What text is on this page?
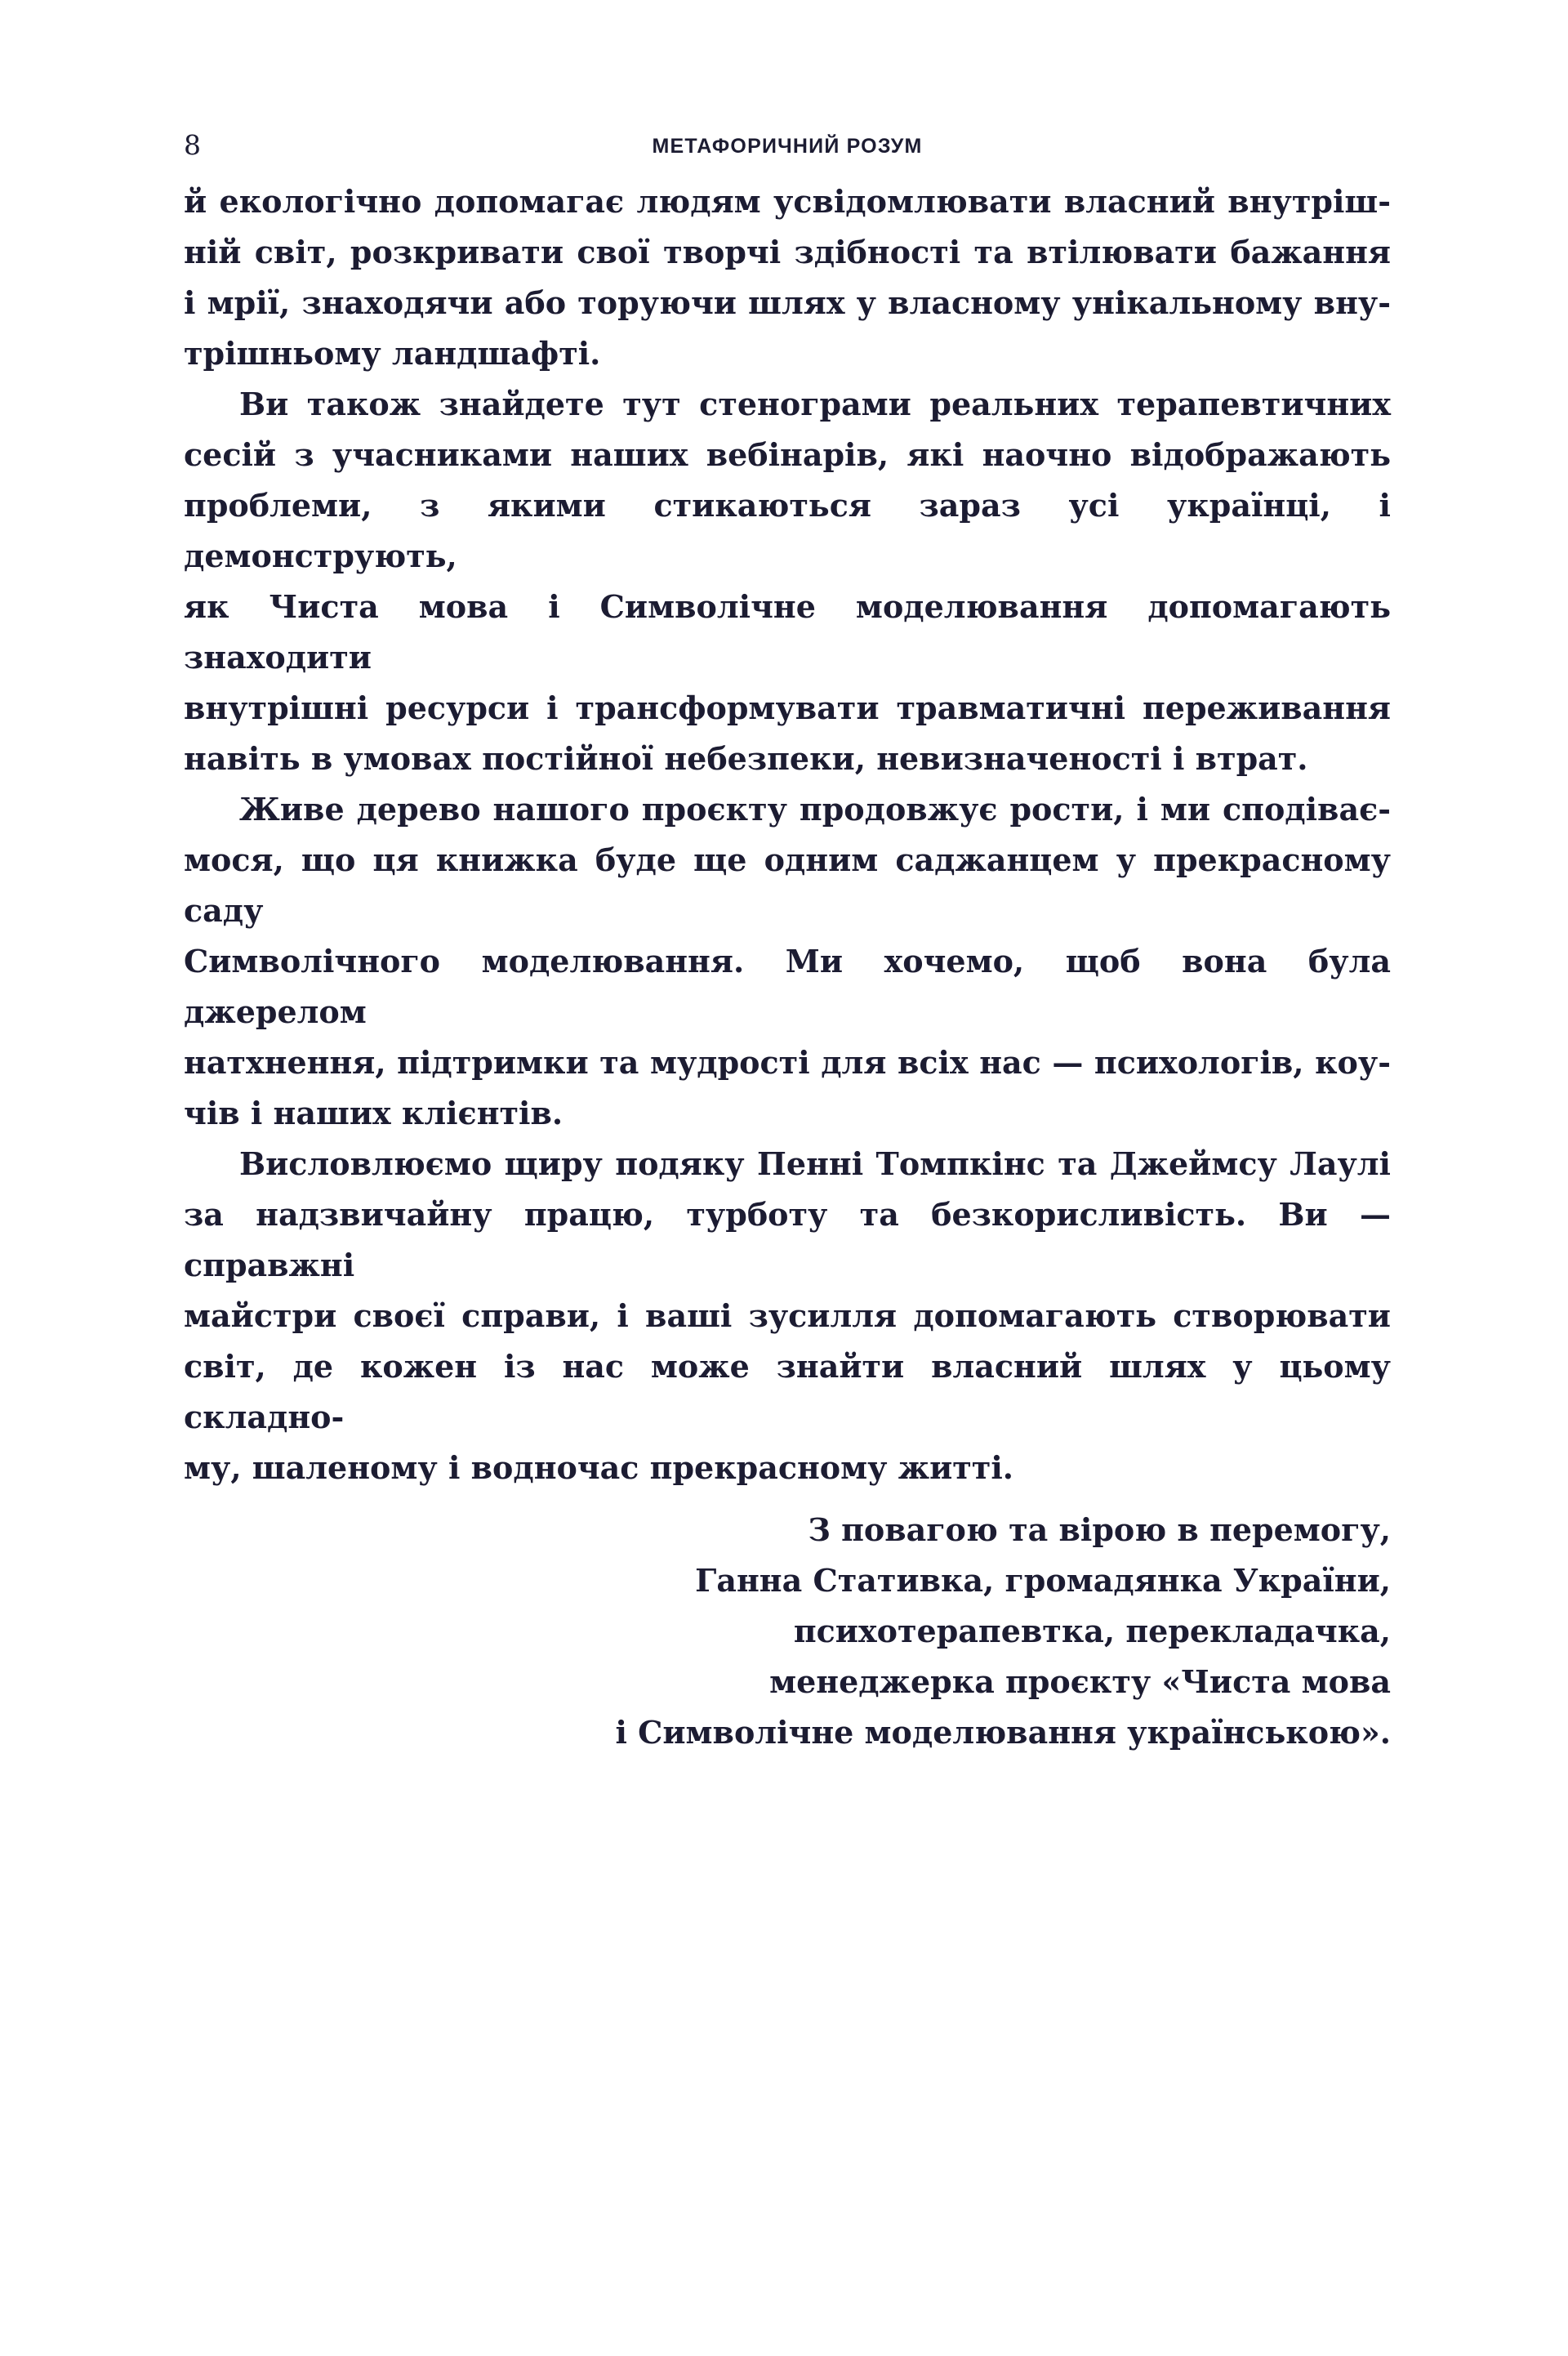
8	МЕТАФОРИЧНИЙ РОЗУМ
й екологічно допомагає людям усвідомлювати власний внутріш-
ній світ, розкривати свої творчі здібності та втілювати бажання
і мрії, знаходячи або торуючи шлях у власному унікальному вну-
трішньому ландшафті.
Ви також знайдете тут стенограми реальних терапевтичних
сесій з учасниками наших вебінарів, які наочно відображають
проблеми, з якими стикаються зараз усі українці, і демонструють,
як Чиста мова і Символічне моделювання допомагають знаходити
внутрішні ресурси і трансформувати травматичні переживання
навіть в умовах постійної небезпеки, невизначеності і втрат.
Живе дерево нашого проєкту продовжує рости, і ми сподіває-
мося, що ця книжка буде ще одним саджанцем у прекрасному саду
Символічного моделювання. Ми хочемо, щоб вона була джерелом
натхнення, підтримки та мудрості для всіх нас — психологів, коу-
чів і наших клієнтів.
Висловлюємо щиру подяку Пенні Томпкінс та Джеймсу Лаулі
за надзвичайну працю, турботу та безкорисливість. Ви — справжні
майстри своєї справи, і ваші зусилля допомагають створювати
світ, де кожен із нас може знайти власний шлях у цьому складно-
му, шаленому і водночас прекрасному житті.
З повагою та вірою в перемогу,
Ганна Стативка, громадянка України,
психотерапевтка, перекладачка,
менеджерка проєкту «Чиста мова
і Символічне моделювання українською».
